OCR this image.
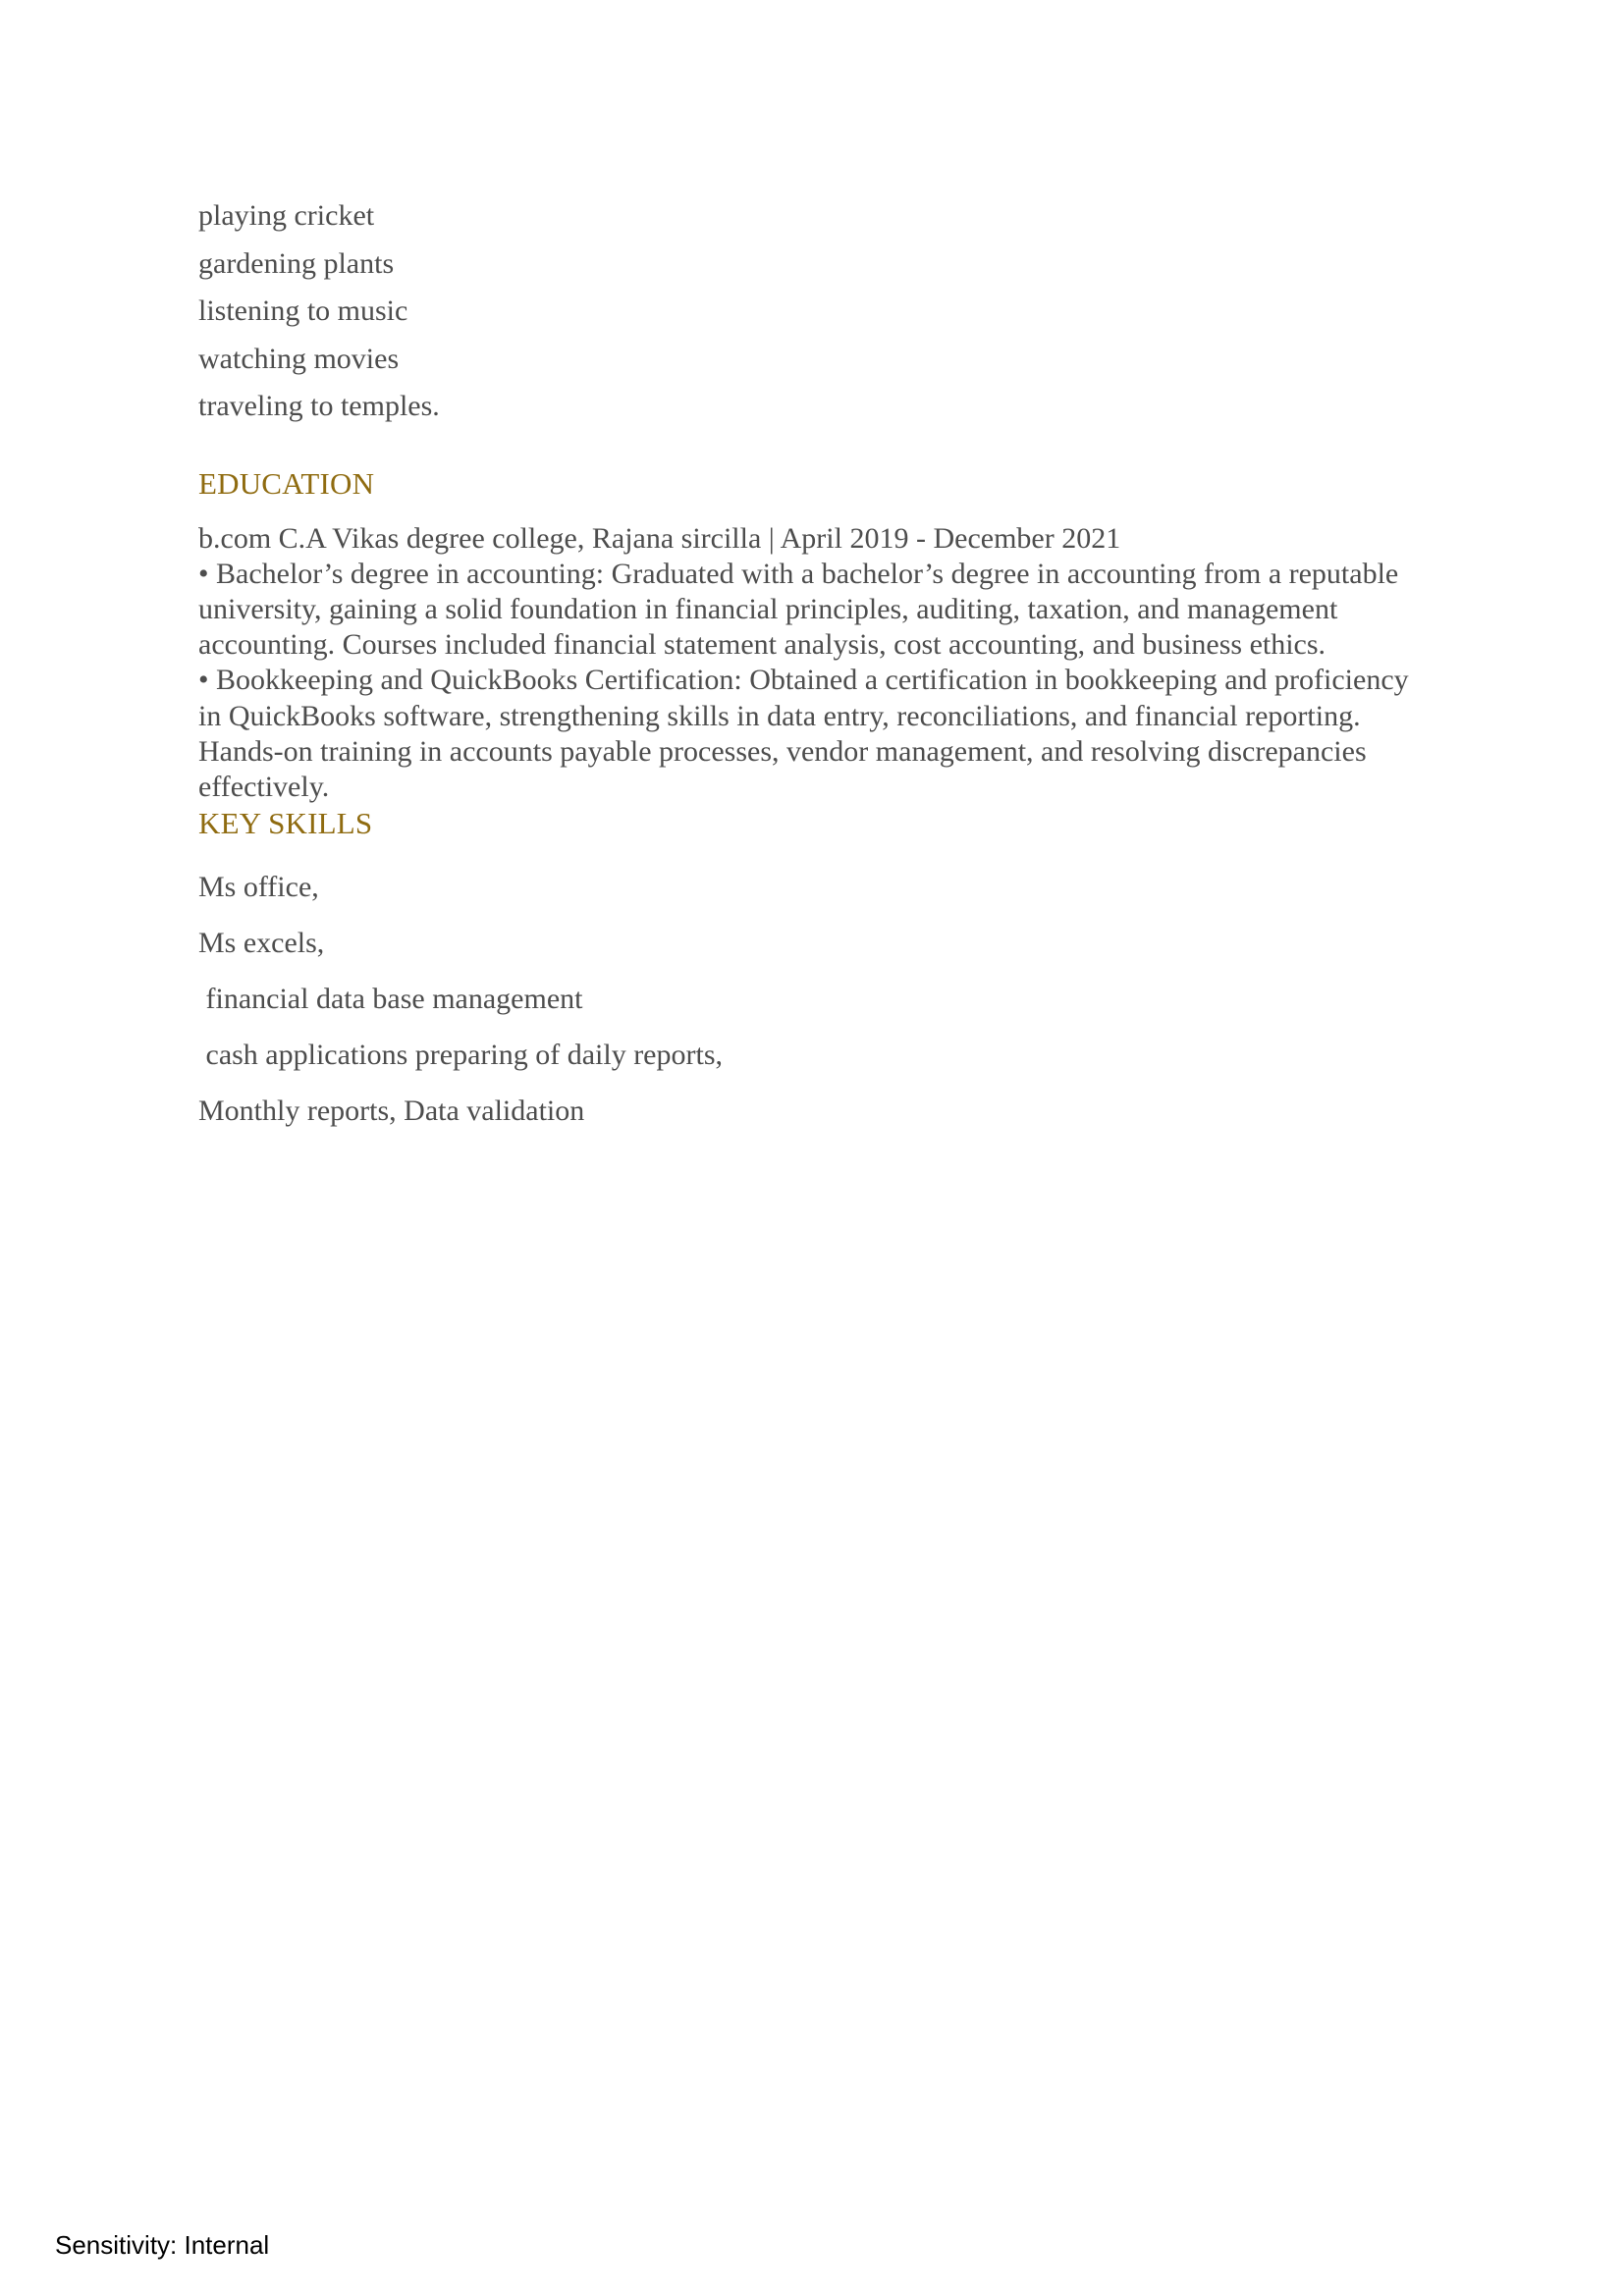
playing cricket
gardening plants
listening to music
watching movies
traveling to temples.
EDUCATION
b.com C.A Vikas degree college, Rajana sircilla | April 2019 - December 2021
• Bachelor’s degree in accounting: Graduated with a bachelor’s degree in accounting from a reputable university, gaining a solid foundation in financial principles, auditing, taxation, and management accounting. Courses included financial statement analysis, cost accounting, and business ethics.
• Bookkeeping and QuickBooks Certification: Obtained a certification in bookkeeping and proficiency in QuickBooks software, strengthening skills in data entry, reconciliations, and financial reporting. Hands-on training in accounts payable processes, vendor management, and resolving discrepancies effectively.
KEY SKILLS
Ms office,
Ms excels,
financial data base management
cash applications preparing of daily reports,
Monthly reports, Data validation
Sensitivity: Internal
